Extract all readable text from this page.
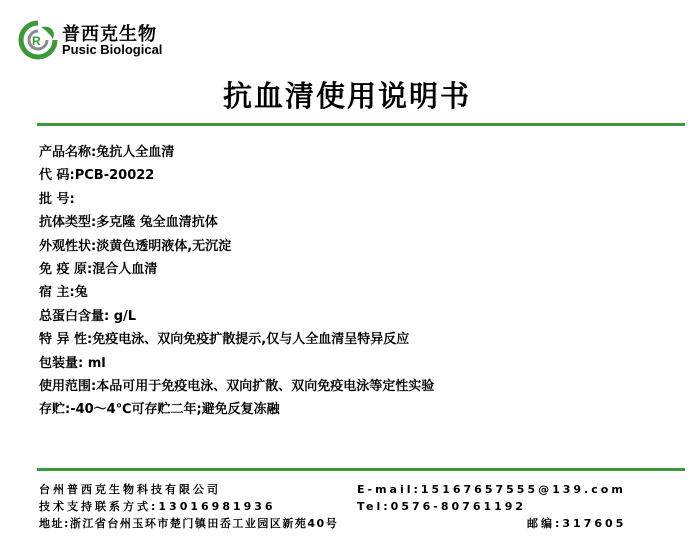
R 普西克生物
Pusic Biological
抗血清使用说明书
产品名称:兔抗人全血清
代 码:PCB-20022
批 号:
抗体类型:多克隆 兔全血清抗体
外观性状:淡黄色透明液体,无沉淀
免 疫 原:混合人血清
宿 主:兔
总蛋白含量: g/L
特 异 性:免疫电泳、双向免疫扩散提示,仅与人全血清呈特异反应
包装量: ml
使用范围:本品可用于免疫电泳、双向扩散、双向免疫电泳等定性实验
存贮:-40～4℃可存贮二年;避免反复冻融
台州普西克生物科技有限公司	E-mail:15167657555@139.com
技术支持联系方式:13016981936	Tel:0576-80761192
地址:浙江省台州玉环市楚门镇田岙工业园区新苑40号	邮编:317605
